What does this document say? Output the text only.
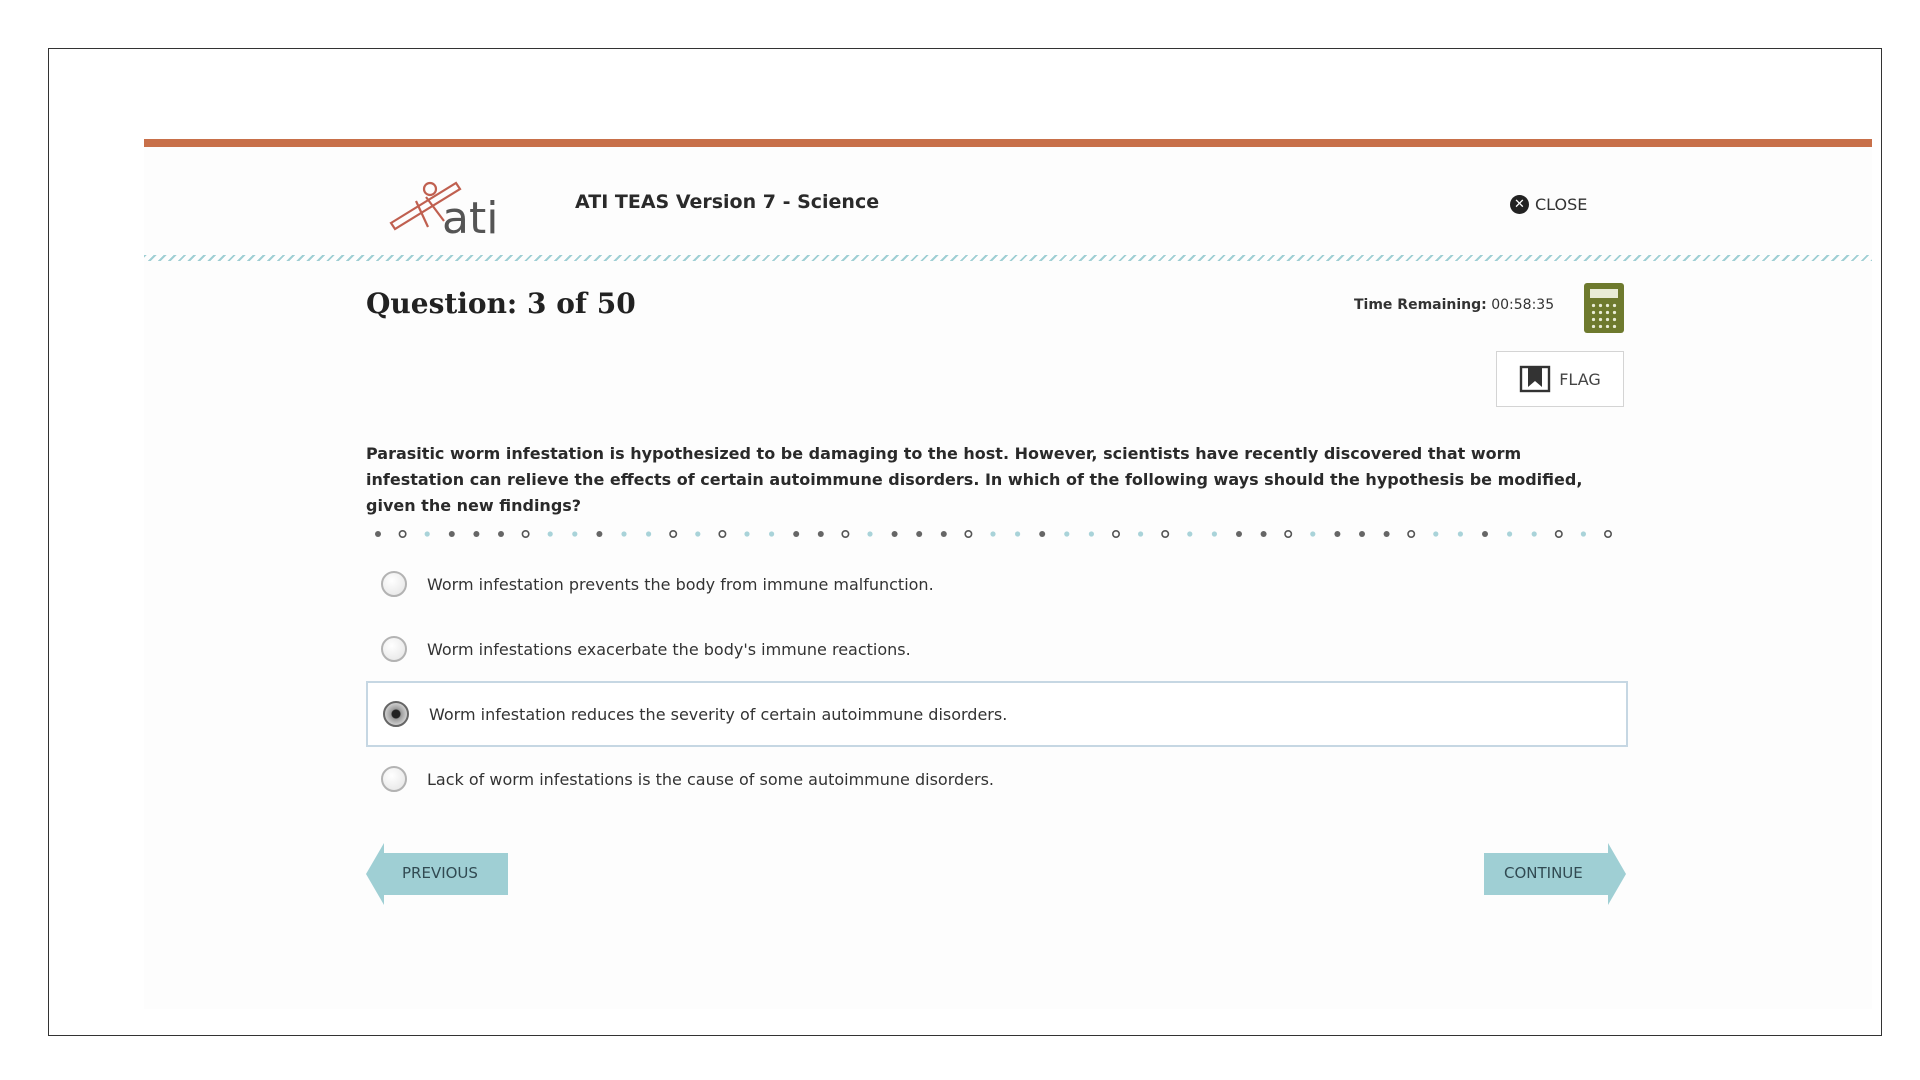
ati	ATI TEAS Version 7 - Science	✕ CLOSE
Question: 3 of 50	Time Remaining: 00:58:35
FLAG
Parasitic worm infestation is hypothesized to be damaging to the host. However, scientists have recently discovered that worm infestation can relieve the effects of certain autoimmune disorders. In which of the following ways should the hypothesis be modified, given the new findings?
Worm infestation prevents the body from immune malfunction.
Worm infestations exacerbate the body's immune reactions.
Worm infestation reduces the severity of certain autoimmune disorders.
Lack of worm infestations is the cause of some autoimmune disorders.
PREVIOUS	CONTINUE
